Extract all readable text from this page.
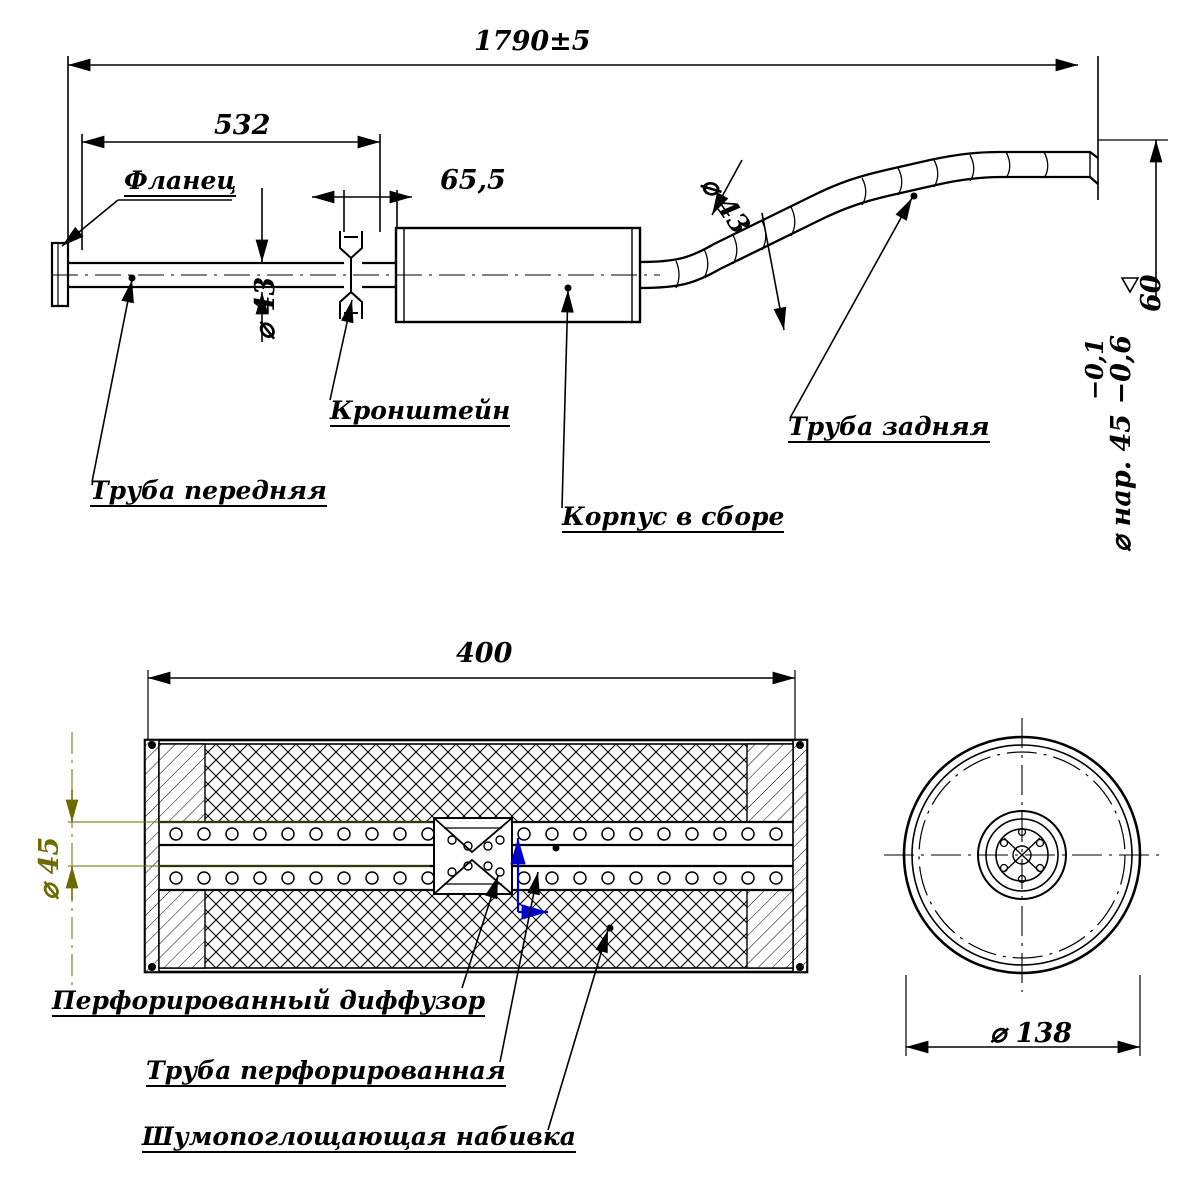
1790±5
532
65,5
⌀ 43
⌀ 43
60
⌀ нар. 45 −0,6
−0,1
Фланец
Труба передняя
Кронштейн
Корпус в сборе
Труба задняя
400
⌀ 45
Перфорированный диффузор
Труба перфорированная
Шумопоглощающая набивка
⌀ 138
